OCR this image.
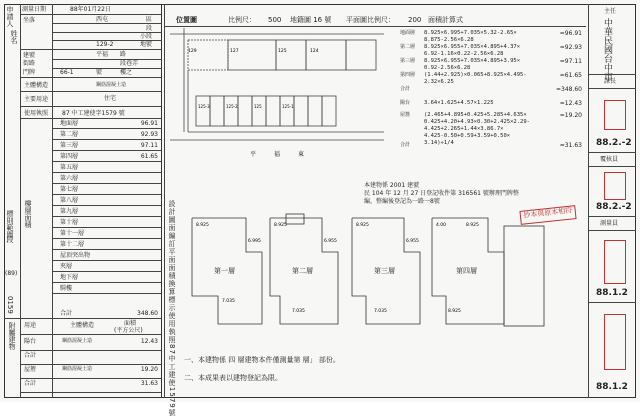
申請人
姓名
測量日期	88年01月22日
坐落	西屯	區
段
小段
129-2	地號
建號
街路
平福 路
段巷弄
門牌	66-1	號	樓之
主體構造	鋼筋混凝土造
主要用途	住宅
使用執照 87 中工建使字1579 號
地面層	96.91
第二層	92.93
第三層	97.11
第四層	61.65
第五層
第六層
第七層
第八層
第九層
第十層
第十一層
第十二層
屋頂突出物
夾層
地下層
騎樓
標則範圍 樓層面積
0159
(89)
段
合計	348.60
附屬建物 用途	主體構造	面積
(平方公尺)
陽台	鋼筋混凝土造	12.43
合計
屋簷	鋼筋混凝土造	19.20
合計	31.63
位置圖	比例尺： 500 地籍圖 16 號 平面圖比例尺： 200 面積計算式
129	127	125	124
125-3	125-2	125	125-1
平福東
設計圖面編訂平面面積換算標示使用執照87中工建使1579號	8.925
6.995
7.035
8.925
6.955
7.035
8.925
6.955
7.035
4.00	8.925
8.925
第一層	第二層	第三層	第四層
地面層 8.925×6.995+7.035×5.32-2.65×
8.875-2.56×6.28
=96.91
第二層 8.925×6.955+7.035×4.895+4.37×
6.92-1.16×0.22-2.56×6.28
=92.93
第三層 8.925×6.955+7.035×4.895+3.95×
0.92-2.56×6.28
=97.11
第四層 (1.44+2.925)×0.065+8.925×4.495-
2.32×6.25
=61.65
合計	=348.60
陽台	3.64×1.625+4.57×1.225	=12.43
屋簷	(2.465+4.895+0.425+5.285+4.635×
0.425+4.20+4.93×0.30+2.425×2.29-
4.425+2.265+1.44×3.86.7×
4.425-0.50+0.59+3.59+0.50×
3.14)÷1/4
=19.20
合計	=31.63
本建物係 2001 建號
民 104 年 12 月 27 日登記收件第 316561 號辦理門牌整
編，整編後登記為一路一8號
一、本建物係 四 層建物本件僅測量第 層」 部份。
二、本成果表以建物登記為限。
抄本與原本相符
中華民國台中市
主任
課長
88.2.-2
覆核員
88.2.-2
測量員
88.1.2
88.1.2
